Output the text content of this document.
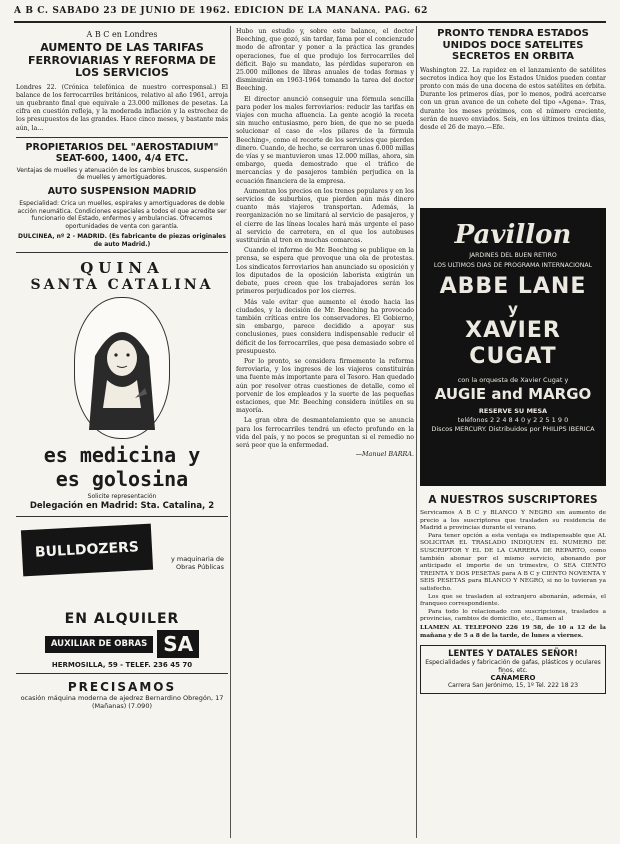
A B C. SABADO 23 DE JUNIO DE 1962. EDICION DE LA MAÑANA. PAG. 62
A B C en Londres
AUMENTO DE LAS TARIFAS FERROVIARIAS Y REFORMA DE LOS SERVICIOS
Londres 22. (Crónica telefónica de nuestro corresponsal.) El balance de los ferrocarriles británicos, relativo al año 1961, arroja un quebranto final que equivale a 23.000 millones de pesetas. La cifra en cuestión refleja, y la moderada inflación y la estrechez de los presupuestos de las grandes. Hace cinco meses, y bastante más aún, la...
PROPIETARIOS DEL "AEROSTADIUM" SEAT-600, 1400, 4/4 ETC.
Ventajas de muelles y atenuación de los cambios bruscos, suspensión de muelles y amortiguadores.
AUTO SUSPENSION MADRID
Especialidad: Crica un muelles, espirales y amortiguadores de doble acción neumática. Condiciones especiales a todos el que acredite ser funcionario del Estado, enfermos y ambulancias. Ofrecemos oportunidades de venta con garantía.
DULCINEA, nº 2 - MADRID. (Es fabricante de piezas originales de auto Madrid.)
QUINA
SANTA CATALINA
es medicina y
es golosina
Solicite representación
Delegación en Madrid: Sta. Catalina, 2
BULLDOZERS	y maquinaria de Obras Públicas
EN ALQUILER
AUXILIAR DE OBRAS SA
HERMOSILLA, 59 - TELEF. 236 45 70
PRECISAMOS
ocasión máquina moderna de ajedrez Bernardino Obregón, 17 (Mañanas) (7.090)
Hubo un estudio y, sobre este balance, el doctor Beeching, que gozó, sin tardar, fama por el concienzudo modo de afrontar y poner a la práctica las grandes operaciones, fue el que produjo los ferrocarriles del déficit. Bajo su mandato, las pérdidas superaron en 25.000 millones de libras anuales de todas formas y disminuirán en 1963-1964 tomando la tarea del doctor Beeching.
El director anunció conseguir una fórmula sencilla para poder los males ferroviarios: reducir las tarifas en viajes con mucha afluencia. La gente acogió la receta sin mucho entusiasmo, pero bien, de que no se pueda solucionar el caso de «los pilares de la fórmula Beeching», como el recorte de los servicios que pierden dinero. Cuando, de hecho, se cerraron unas 6.000 millas de vías y se mantuvieron unas 12.000 millas, ahora, sin embargo, queda demostrado que el tráfico de mercancías y de pasajeros también perjudica en la ecuación financiera de la empresa.
Aumentan los precios en los trenes populares y en los servicios de suburbios, que pierden aún más dinero cuanto más viajeros transportan. Además, la reorganización no se limitará al servicio de pasajeros, y el cierre de las líneas locales hará más urgente el paso al servicio de carretera, en el que los autobuses sustituirán al tren en muchas comarcas.
Cuando el informe de Mr. Beeching se publique en la prensa, se espera que provoque una ola de protestas. Los sindicatos ferroviarios han anunciado su oposición y los diputados de la oposición laborista exigirán un debate, pues creen que los trabajadores serán los primeros perjudicados por los cierres.
Más vale evitar que aumente el éxodo hacia las ciudades, y la decisión de Mr. Beeching ha provocado también críticas entre los conservadores. El Gobierno, sin embargo, parece decidido a apoyar sus conclusiones, pues considera indispensable reducir el déficit de los ferrocarriles, que pesa demasiado sobre el presupuesto.
Por lo pronto, se considera firmemente la reforma ferroviaria, y los ingresos de los viajeros constituirán una fuente más importante para el Tesoro. Han quedado aún por resolver otras cuestiones de detalle, como el porvenir de los empleados y la suerte de las pequeñas estaciones, que Mr. Beeching considera inútiles en su mayoría.
La gran obra de desmantelamiento que se anuncia para los ferrocarriles tendrá un efecto profundo en la vida del país, y no pocos se preguntan si el remedio no será peor que la enfermedad.
—Manuel BARRA.
PRONTO TENDRA ESTADOS UNIDOS DOCE SATELITES SECRETOS EN ORBITA
Washington 22. La rapidez en el lanzamiento de satélites secretos indica hoy que los Estados Unidos pueden contar pronto con más de una docena de estos satélites en órbita. Durante los primeros días, por lo menos, podrá acercarse con un gran avance de un cohete del tipo «Agena». Tras, durante los meses próximos, con el número creciente, serán de nuevo enviados. Seis, en los últimos treinta días, desde el 26 de mayo.—Efe.
Pavillon
JARDINES DEL BUEN RETIRO
LOS ULTIMOS DIAS DE PROGRAMA INTERNACIONAL
ABBE LANE
y
XAVIER CUGAT
con la orquesta de Xavier Cugat y
AUGIE and MARGO
RESERVE SU MESA
teléfonos 2 2 4 8 4 0 y 2 2 5 1 9 0
Discos MERCURY. Distribuidos por PHILIPS IBERICA
A NUESTROS SUSCRIPTORES
Servicamos A B C y BLANCO Y NEGRO sin aumento de precio a los suscriptores que trasladen su residencia de Madrid a provincias durante el verano.
Para tener opción a esta ventaja es indispensable que AL SOLICITAR EL TRASLADO INDIQUEN EL NUMERO DE SUSCRIPTOR Y EL DE LA CARRERA DE REPARTO, como también abonar por el mismo servicio, abonando por anticipado el importe de un trimestre, O SEA CIENTO TREINTA Y DOS PESETAS para A B C y CIENTO NOVENTA Y SEIS PESETAS para BLANCO Y NEGRO, si no lo tuvieran ya satisfecho.
Los que se trasladen al extranjero abonarán, además, el franqueo correspondiente.
Para todo lo relacionado con suscripciones, traslados a provincias, cambios de domicilio, etc., llamen al
LLAMEN AL TELEFONO 226 19 58, de 10 a 12 de la mañana y de 5 a 8 de la tarde, de lunes a viernes.
LENTES Y DATALES SEÑOR!
Especialidades y fabricación de gafas, plásticos y oculares finos, etc.
CAÑAMERO
Carrera San Jerónimo, 15, 1º Tel. 222 18 23
